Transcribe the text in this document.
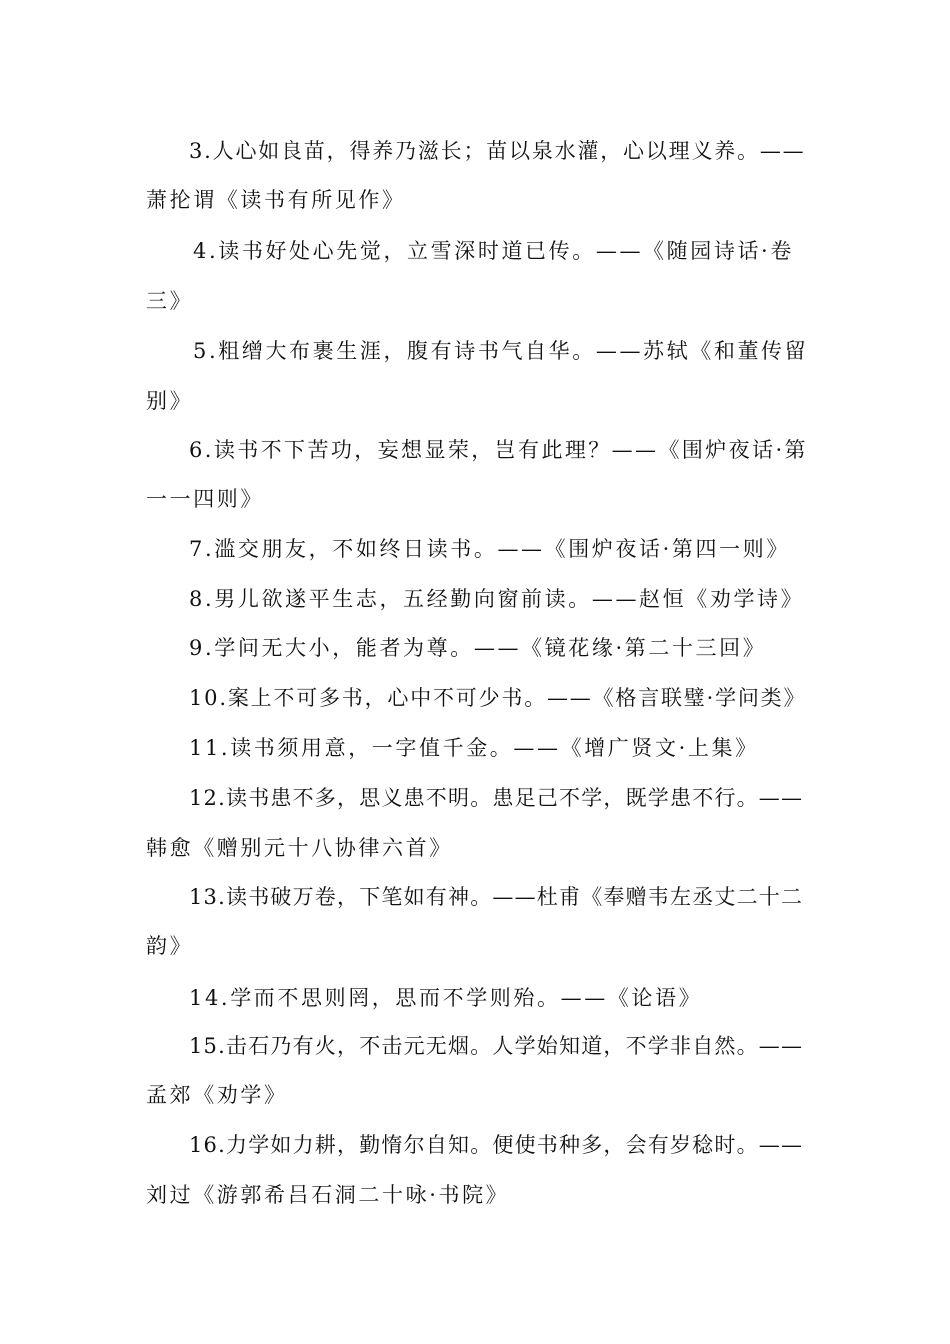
3.人心如良苗，得养乃滋长；苗以泉水灌，心以理义养。——
萧抡谓《读书有所见作》
4.读书好处心先觉，立雪深时道已传。——《随园诗话·卷
三》
5.粗缯大布裹生涯，腹有诗书气自华。——苏轼《和董传留
别》
6.读书不下苦功，妄想显荣，岂有此理？——《围炉夜话·第
一一四则》
7.滥交朋友，不如终日读书。——《围炉夜话·第四一则》
8.男儿欲遂平生志，五经勤向窗前读。——赵恒《劝学诗》
9.学问无大小，能者为尊。——《镜花缘·第二十三回》
10.案上不可多书，心中不可少书。——《格言联璧·学问类》
11.读书须用意，一字值千金。——《增广贤文·上集》
12.读书患不多，思义患不明。患足己不学，既学患不行。——
韩愈《赠别元十八协律六首》
13.读书破万卷，下笔如有神。——杜甫《奉赠韦左丞丈二十二
韵》
14.学而不思则罔，思而不学则殆。——《论语》
15.击石乃有火，不击元无烟。人学始知道，不学非自然。——
孟郊《劝学》
16.力学如力耕，勤惰尔自知。便使书种多，会有岁稔时。——
刘过《游郭希吕石洞二十咏·书院》
